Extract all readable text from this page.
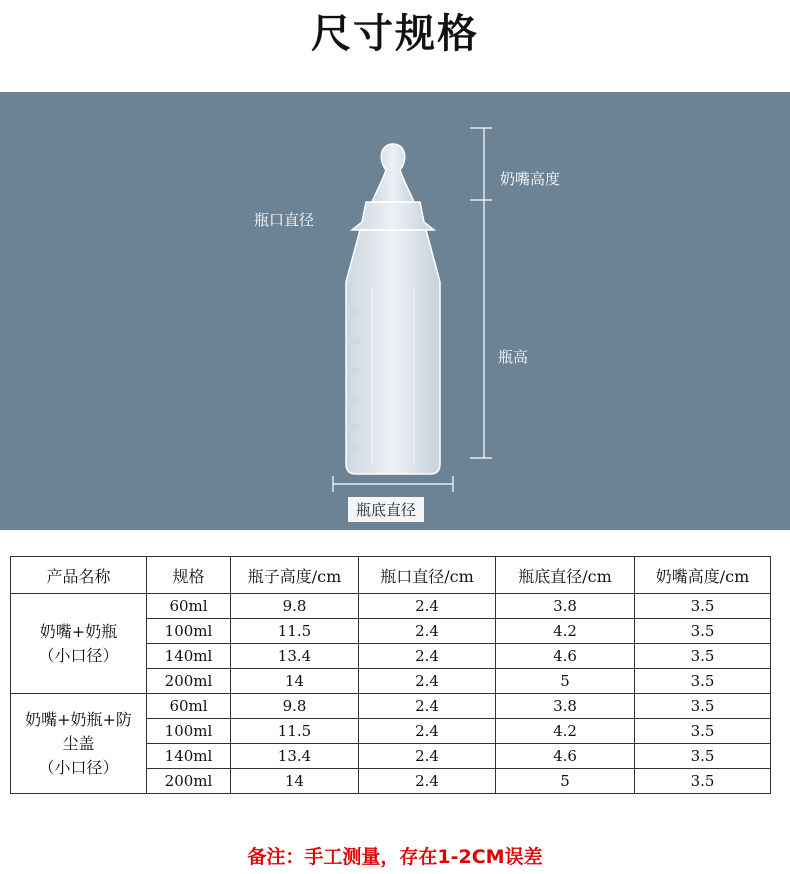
尺寸规格
60
50
40
30
20
10
奶嘴高度
瓶口直径
瓶高
瓶底直径
产品名称	规格	瓶子高度/cm	瓶口直径/cm	瓶底直径/cm	奶嘴高度/cm

奶嘴+奶瓶
（小口径）	60ml	9.8	2.4	3.8	3.5
	100ml	11.5	2.4	4.2	3.5
	140ml	13.4	2.4	4.6	3.5
	200ml	14	2.4	5	3.5

奶嘴+奶瓶+防
尘盖
（小口径）	60ml	9.8	2.4	3.8	3.5
	100ml	11.5	2.4	4.2	3.5
	140ml	13.4	2.4	4.6	3.5
	200ml	14	2.4	5	3.5
备注：手工测量，存在1-2CM误差
